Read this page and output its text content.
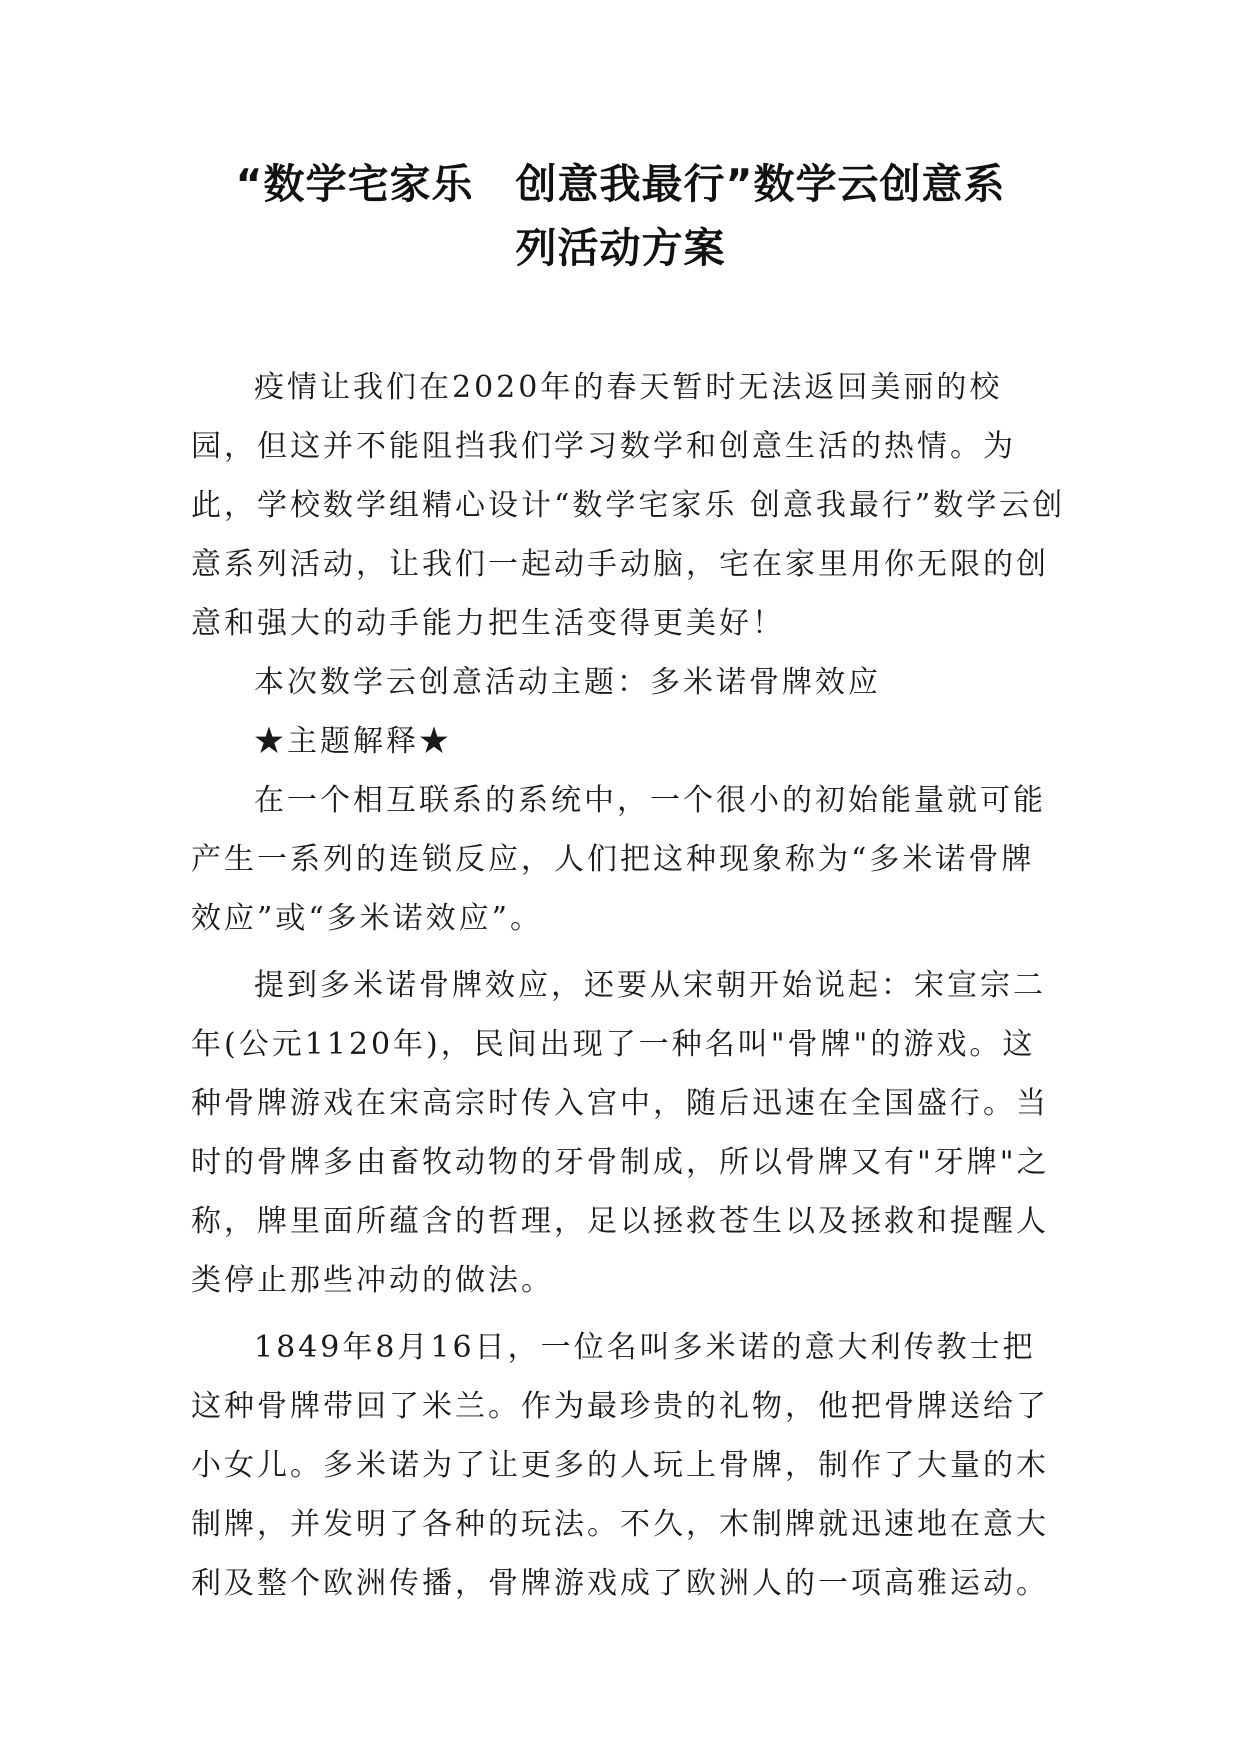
“数学宅家乐　创意我最行”数学云创意系
列活动方案

疫情让我们在2020年的春天暂时无法返回美丽的校园，但这并不能阻挡我们学习数学和创意生活的热情。为此，学校数学组精心设计“数学宅家乐 创意我最行”数学云创意系列活动，让我们一起动手动脑，宅在家里用你无限的创意和强大的动手能力把生活变得更美好！

本次数学云创意活动主题：多米诺骨牌效应

★主题解释★

在一个相互联系的系统中，一个很小的初始能量就可能产生一系列的连锁反应，人们把这种现象称为“多米诺骨牌效应”或“多米诺效应”。

提到多米诺骨牌效应，还要从宋朝开始说起：宋宣宗二年(公元1120年)，民间出现了一种名叫"骨牌"的游戏。这种骨牌游戏在宋高宗时传入宫中，随后迅速在全国盛行。当时的骨牌多由畜牧动物的牙骨制成，所以骨牌又有"牙牌"之称，牌里面所蕴含的哲理，足以拯救苍生以及拯救和提醒人类停止那些冲动的做法。

1849年8月16日，一位名叫多米诺的意大利传教士把这种骨牌带回了米兰。作为最珍贵的礼物，他把骨牌送给了小女儿。多米诺为了让更多的人玩上骨牌，制作了大量的木制牌，并发明了各种的玩法。不久，木制牌就迅速地在意大利及整个欧洲传播，骨牌游戏成了欧洲人的一项高雅运动。
